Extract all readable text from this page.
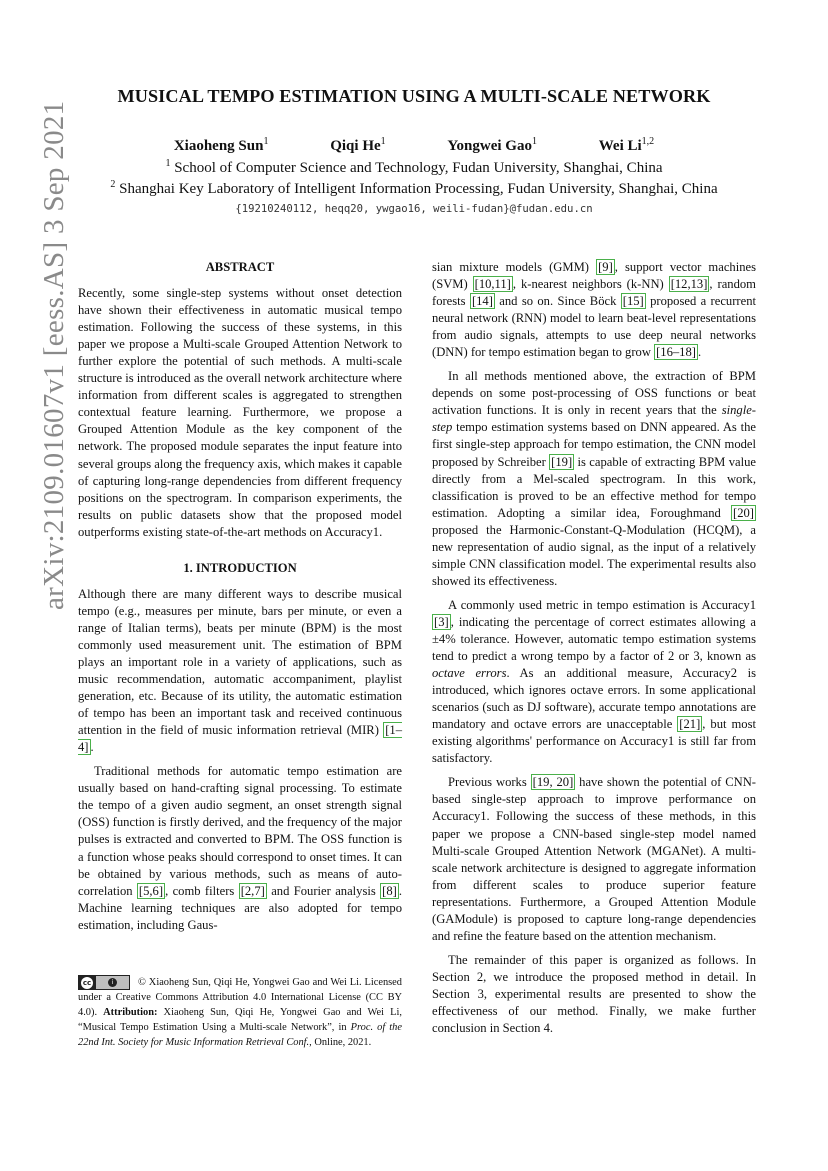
arXiv:2109.01607v1 [eess.AS] 3 Sep 2021
MUSICAL TEMPO ESTIMATION USING A MULTI-SCALE NETWORK
Xiaoheng Sun$^1$	Qiqi He$^1$	Yongwei Gao$^1$	Wei Li$^{1,2}$
$^1$ School of Computer Science and Technology, Fudan University, Shanghai, China
$^2$ Shanghai Key Laboratory of Intelligent Information Processing, Fudan University, Shanghai, China
{19210240112, heqq20, ywgao16, weili-fudan}@fudan.edu.cn
ABSTRACT

Recently, some single-step systems without onset detection have shown their effectiveness in automatic musical tempo estimation. Following the success of these systems, in this paper we propose a Multi-scale Grouped Attention Network to further explore the potential of such methods. A multi-scale structure is introduced as the overall network architecture where information from different scales is aggregated to strengthen contextual feature learning. Furthermore, we propose a Grouped Attention Module as the key component of the network. The proposed module separates the input feature into several groups along the frequency axis, which makes it capable of capturing long-range dependencies from different frequency positions on the spectrogram. In comparison experiments, the results on public datasets show that the proposed model outperforms existing state-of-the-art methods on Accuracy1.

1. INTRODUCTION

Although there are many different ways to describe musical tempo (e.g., measures per minute, bars per minute, or even a range of Italian terms), beats per minute (BPM) is the most commonly used measurement unit. The estimation of BPM plays an important role in a variety of applications, such as music recommendation, automatic accompaniment, playlist generation, etc. Because of its utility, the automatic estimation of tempo has been an important task and received continuous attention in the field of music information retrieval (MIR) [1–4] .

Traditional methods for automatic tempo estimation are usually based on hand-crafting signal processing. To estimate the tempo of a given audio segment, an onset strength signal (OSS) function is firstly derived, and the frequency of the major pulses is extracted and converted to BPM. The OSS function is a function whose peaks should correspond to onset times. It can be obtained by various methods, such as means of auto-correlation [5,6] , comb filters [2,7] and Fourier analysis [8] . Machine learning techniques are also adopted for tempo estimation, including Gaus-

sian mixture models (GMM) [9] , support vector machines (SVM) [10,11] , k-nearest neighbors (k-NN) [12,13] , random forests [14] and so on. Since Böck [15] proposed a recurrent neural network (RNN) model to learn beat-level representations from audio signals, attempts to use deep neural networks (DNN) for tempo estimation began to grow [16–18] .

In all methods mentioned above, the extraction of BPM depends on some post-processing of OSS functions or beat activation functions. It is only in recent years that the single-step tempo estimation systems based on DNN appeared. As the first single-step approach for tempo estimation, the CNN model proposed by Schreiber [19] is capable of extracting BPM value directly from a Mel-scaled spectrogram. In this work, classification is proved to be an effective method for tempo estimation. Adopting a similar idea, Foroughmand [20] proposed the Harmonic-Constant-Q-Modulation (HCQM), a new representation of audio signal, as the input of a relatively simple CNN classification model. The experimental results also showed its effectiveness.

A commonly used metric in tempo estimation is Accuracy1 [3] , indicating the percentage of correct estimates allowing a ±4% tolerance. However, automatic tempo estimation systems tend to predict a wrong tempo by a factor of 2 or 3, known as octave errors. As an additional measure, Accuracy2 is introduced, which ignores octave errors. In some applicational scenarios (such as DJ software), accurate tempo annotations are mandatory and octave errors are unacceptable [21] , but most existing algorithms' performance on Accuracy1 is still far from satisfactory.

Previous works [19, 20] have shown the potential of CNN-based single-step approach to improve performance on Accuracy1. Following the success of these methods, in this paper we propose a CNN-based single-step model named Multi-scale Grouped Attention Network (MGANet). A multi-scale network architecture is designed to aggregate information from different scales to produce superior feature representations. Furthermore, a Grouped Attention Module (GAModule) is proposed to capture long-range dependencies and refine the feature based on the attention mechanism.

The remainder of this paper is organized as follows. In Section 2, we introduce the proposed method in detail. In Section 3, experimental results are presented to show the effectiveness of our method. Finally, we make further conclusion in Section 4.

cc	i	© Xiaoheng Sun, Qiqi He, Yongwei Gao and Wei Li. Licensed under a Creative Commons Attribution 4.0 International License (CC BY 4.0). Attribution: Xiaoheng Sun, Qiqi He, Yongwei Gao and Wei Li, “Musical Tempo Estimation Using a Multi-scale Network”, in Proc. of the 22nd Int. Society for Music Information Retrieval Conf., Online, 2021.
